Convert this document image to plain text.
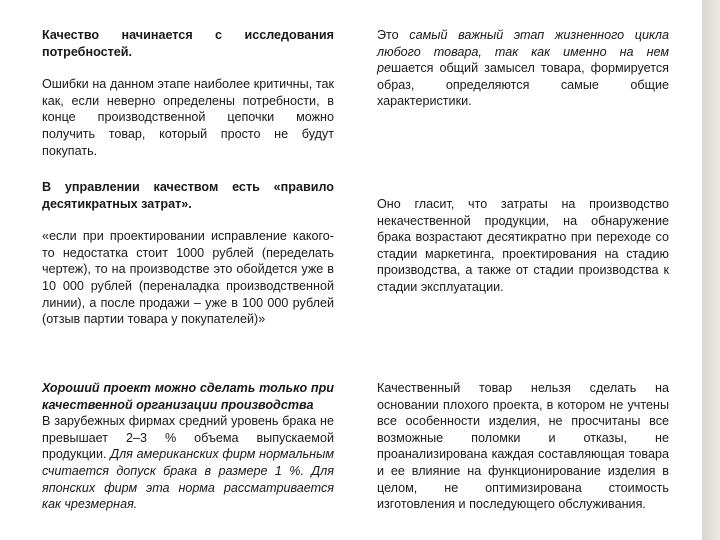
Качество начинается с исследования потребностей.

Ошибки на данном этапе наиболее критичны, так как, если неверно определены потребности, в конце производственной цепочки можно получить товар, который просто не будут покупать.

Это самый важный этап жизненного цикла любого товара, так как именно на нем решается общий замысел товара, формируется образ, определяются самые общие характеристики.

В управлении качеством есть «правило десятикратных затрат».

«если при проектировании исправление какого-то недостатка стоит 1000 рублей (переделать чертеж), то на производстве это обойдется уже в 10 000 рублей (переналадка производственной линии), а после продажи – уже в 100 000 рублей (отзыв партии товара у покупателей)»

Оно гласит, что затраты на производство некачественной продукции, на обнаружение брака возрастают десятикратно при переходе со стадии маркетинга, проектирования на стадию производства, а также от стадии производства к стадии эксплуатации.

Хороший проект можно сделать только при качественной организации производства

В зарубежных фирмах средний уровень брака не превышает 2–3 % объема выпускаемой продукции. Для американских фирм нормальным считается допуск брака в размере 1 %. Для японских фирм эта норма рассматривается как чрезмерная.

Качественный товар нельзя сделать на основании плохого проекта, в котором не учтены все особенности изделия, не просчитаны все возможные поломки и отказы, не проанализирована каждая составляющая товара и ее влияние на функционирование изделия в целом, не оптимизирована стоимость изготовления и последующего обслуживания.
